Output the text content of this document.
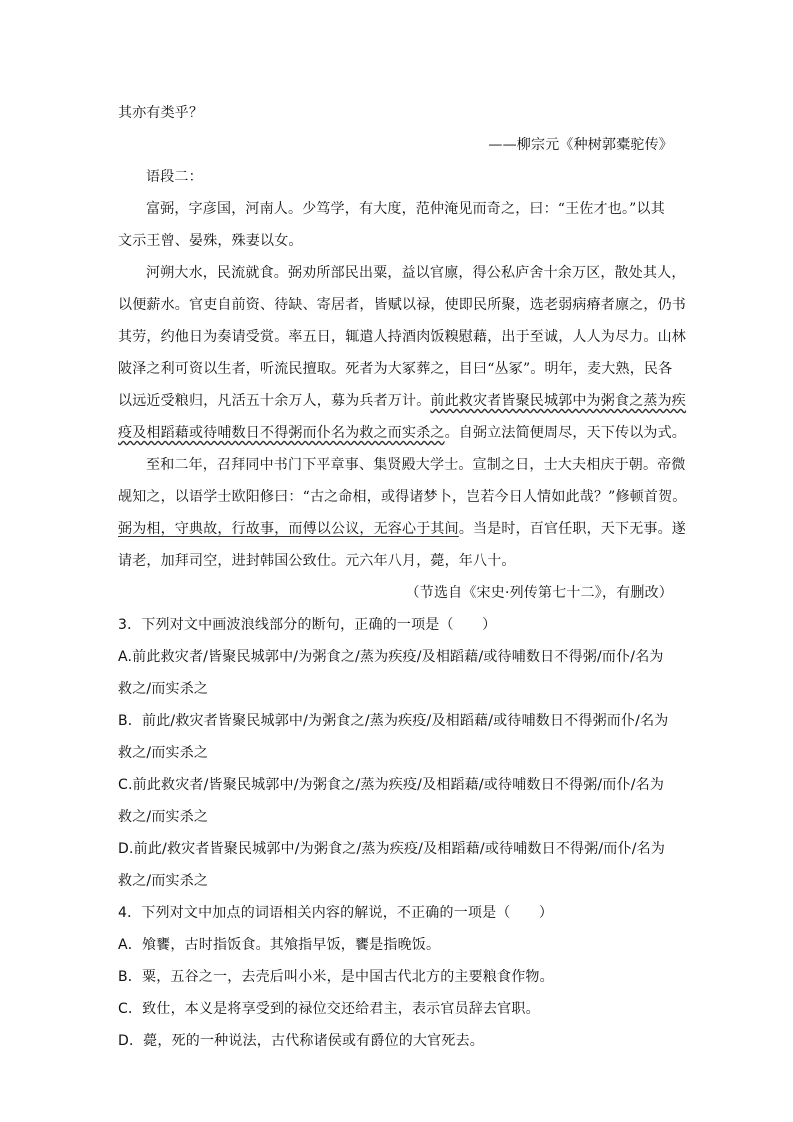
其亦有类乎？
——柳宗元《种树郭橐驼传》
语段二：
富弼，字彦国，河南人。少笃学，有大度，范仲淹见而奇之，曰：“王佐才也。”以其
文示王曾、晏殊，殊妻以女。
河朔大水，民流就食。弼劝所部民出粟，益以官廪，得公私庐舍十余万区，散处其人，
以便薪水。官吏自前资、待缺、寄居者，皆赋以禄，使即民所聚，选老弱病瘠者廪之，仍书
其劳，约他日为奏请受赏。率五日，辄遣人持酒肉饭糗慰藉，出于至诚，人人为尽力。山林
陂泽之利可资以生者，听流民擅取。死者为大冢葬之，目曰“丛冢”。明年，麦大熟，民各
以远近受粮归，凡活五十余万人，募为兵者万计。前此救灾者皆聚民城郭中为粥食之蒸为疾
疫及相蹈藉或待哺数日不得粥而仆名为救之而实杀之。自弼立法简便周尽，天下传以为式。
至和二年，召拜同中书门下平章事、集贤殿大学士。宣制之日，士大夫相庆于朝。帝微
觇知之，以语学士欧阳修曰：“古之命相，或得诸梦卜，岂若今日人情如此哉？”修顿首贺。
弼为相，守典故，行故事，而傅以公议，无容心于其间。当是时，百官任职，天下无事。遂
请老，加拜司空，进封韩国公致仕。元六年八月，薨，年八十。
（节选自《宋史·列传第七十二》，有删改）
3．下列对文中画波浪线部分的断句，正确的一项是（　　）
A.前此救灾者/皆聚民城郭中/为粥食之/蒸为疾疫/及相蹈藉/或待哺数日不得粥/而仆/名为
救之/而实杀之
B．前此/救灾者皆聚民城郭中/为粥食之/蒸为疾疫/及相蹈藉/或待哺数日不得粥而仆/名为
救之/而实杀之
C.前此救灾者/皆聚民城郭中/为粥食之/蒸为疾疫/及相蹈藉/或待哺数日不得粥/而仆/名为
救之/而实杀之
D.前此/救灾者皆聚民城郭中/为粥食之/蒸为疾疫/及相蹈藉/或待哺数日不得粥/而仆/名为
救之/而实杀之
4．下列对文中加点的词语相关内容的解说，不正确的一项是（　　）
A．飧饔，古时指饭食。其飧指早饭，饔是指晚饭。
B．粟，五谷之一，去壳后叫小米，是中国古代北方的主要粮食作物。
C．致仕，本义是将享受到的禄位交还给君主，表示官员辞去官职。
D．薨，死的一种说法，古代称诸侯或有爵位的大官死去。
